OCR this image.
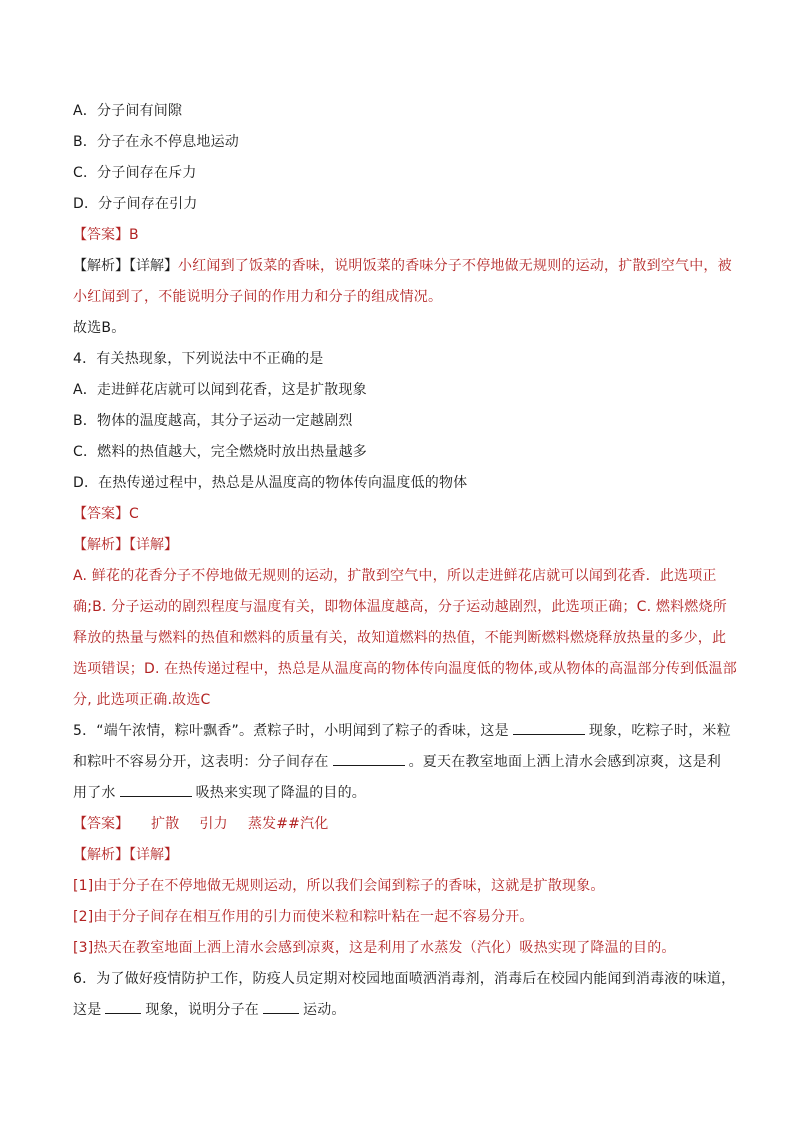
A．分子间有间隙
B．分子在永不停息地运动
C．分子间存在斥力
D．分子间存在引力
【答案】B
【解析】【详解】小红闻到了饭菜的香味，说明饭菜的香味分子不停地做无规则的运动，扩散到空气中，被
小红闻到了，不能说明分子间的作用力和分子的组成情况。
故选B。
4．有关热现象，下列说法中不正确的是
A．走进鲜花店就可以闻到花香，这是扩散现象
B．物体的温度越高，其分子运动一定越剧烈
C．燃料的热值越大，完全燃烧时放出热量越多
D．在热传递过程中，热总是从温度高的物体传向温度低的物体
【答案】C
【解析】【详解】
A. 鲜花的花香分子不停地做无规则的运动，扩散到空气中，所以走进鲜花店就可以闻到花香．此选项正
确;B. 分子运动的剧烈程度与温度有关，即物体温度越高，分子运动越剧烈，此选项正确；C. 燃料燃烧所
释放的热量与燃料的热值和燃料的质量有关，故知道燃料的热值，不能判断燃料燃烧释放热量的多少，此
选项错误；D. 在热传递过程中，热总是从温度高的物体传向温度低的物体,或从物体的高温部分传到低温部
分, 此选项正确.故选C
5．“端午浓情，粽叶飘香”。煮粽子时，小明闻到了粽子的香味，这是	现象，吃粽子时，米粒
和粽叶不容易分开，这表明：分子间存在	。夏天在教室地面上洒上清水会感到凉爽，这是利
用了水	吸热来实现了降温的目的。
【答案】 扩散 引力 蒸发##汽化
【解析】【详解】
[1]由于分子在不停地做无规则运动，所以我们会闻到粽子的香味，这就是扩散现象。
[2]由于分子间存在相互作用的引力而使米粒和粽叶粘在一起不容易分开。
[3]热天在教室地面上洒上清水会感到凉爽，这是利用了水蒸发（汽化）吸热实现了降温的目的。
6．为了做好疫情防护工作，防疫人员定期对校园地面喷洒消毒剂，消毒后在校园内能闻到消毒液的味道，
这是	现象，说明分子在	运动。
